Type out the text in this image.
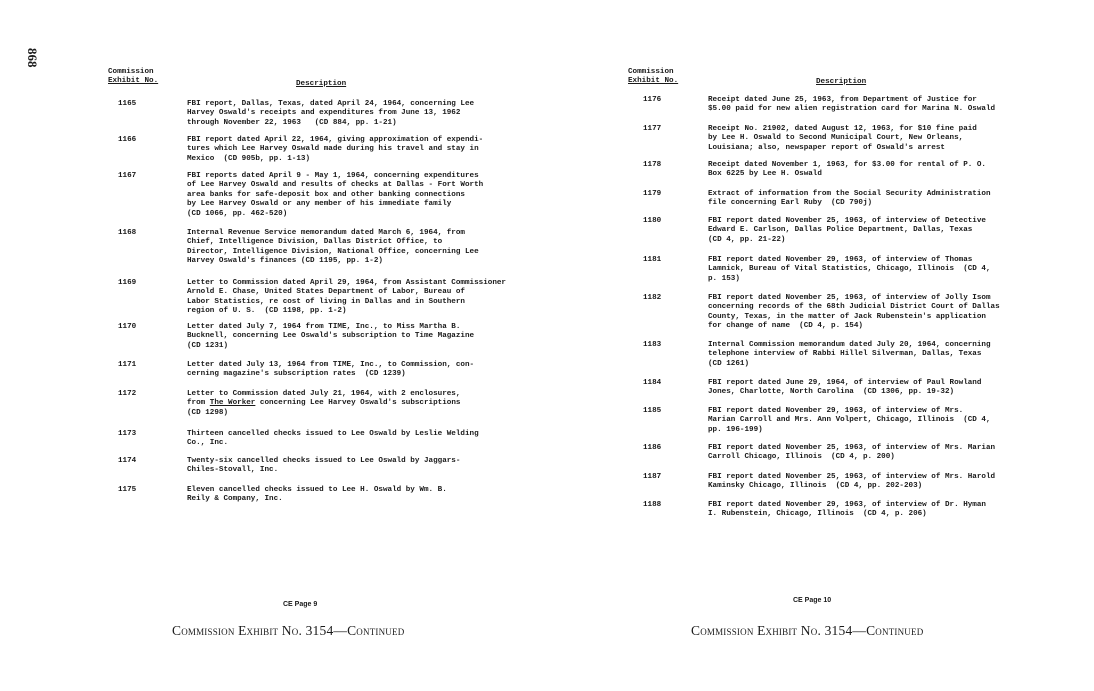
868
Commission
Exhibit No.	Description
CE Page 9
Commission Exhibit No. 3154—Continued
1165	FBI report, Dallas, Texas, dated April 24, 1964, concerning Lee
Harvey Oswald's receipts and expenditures from June 13, 1962
through November 22, 1963   (CD 884, pp. 1-21)
1166	FBI report dated April 22, 1964, giving approximation of expendi-
tures which Lee Harvey Oswald made during his travel and stay in
Mexico  (CD 905b, pp. 1-13)
1167	FBI reports dated April 9 - May 1, 1964, concerning expenditures
of Lee Harvey Oswald and results of checks at Dallas - Fort Worth
area banks for safe-deposit box and other banking connections
by Lee Harvey Oswald or any member of his immediate family
(CD 1066, pp. 462-520)
1168	Internal Revenue Service memorandum dated March 6, 1964, from
Chief, Intelligence Division, Dallas District Office, to
Director, Intelligence Division, National Office, concerning Lee
Harvey Oswald's finances (CD 1195, pp. 1-2)
1169	Letter to Commission dated April 29, 1964, from Assistant Commissioner
Arnold E. Chase, United States Department of Labor, Bureau of
Labor Statistics, re cost of living in Dallas and in Southern
region of U. S.  (CD 1198, pp. 1-2)
1170	Letter dated July 7, 1964 from TIME, Inc., to Miss Martha B.
Bucknell, concerning Lee Oswald's subscription to Time Magazine
(CD 1231)
1171	Letter dated July 13, 1964 from TIME, Inc., to Commission, con-
cerning magazine's subscription rates  (CD 1239)
1172	Letter to Commission dated July 21, 1964, with 2 enclosures,
from The Worker concerning Lee Harvey Oswald's subscriptions
(CD 1298)
1173	Thirteen cancelled checks issued to Lee Oswald by Leslie Welding
Co., Inc.
1174	Twenty-six cancelled checks issued to Lee Oswald by Jaggars-
Chiles-Stovall, Inc.
1175	Eleven cancelled checks issued to Lee H. Oswald by Wm. B.
Reily & Company, Inc.
Commission
Exhibit No.	Description
CE Page 10
Commission Exhibit No. 3154—Continued
1176	Receipt dated June 25, 1963, from Department of Justice for
$5.00 paid for new alien registration card for Marina N. Oswald
1177	Receipt No. 21902, dated August 12, 1963, for $10 fine paid
by Lee H. Oswald to Second Municipal Court, New Orleans,
Louisiana; also, newspaper report of Oswald's arrest
1178	Receipt dated November 1, 1963, for $3.00 for rental of P. O.
Box 6225 by Lee H. Oswald
1179	Extract of information from the Social Security Administration
file concerning Earl Ruby  (CD 790j)
1180	FBI report dated November 25, 1963, of interview of Detective
Edward E. Carlson, Dallas Police Department, Dallas, Texas
(CD 4, pp. 21-22)
1181	FBI report dated November 29, 1963, of interview of Thomas
Lamnick, Bureau of Vital Statistics, Chicago, Illinois  (CD 4,
p. 153)
1182	FBI report dated November 25, 1963, of interview of Jolly Isom
concerning records of the 68th Judicial District Court of Dallas
County, Texas, in the matter of Jack Rubenstein's application
for change of name  (CD 4, p. 154)
1183	Internal Commission memorandum dated July 20, 1964, concerning
telephone interview of Rabbi Hillel Silverman, Dallas, Texas
(CD 1261)
1184	FBI report dated June 29, 1964, of interview of Paul Rowland
Jones, Charlotte, North Carolina  (CD 1306, pp. 19-32)
1185	FBI report dated November 29, 1963, of interview of Mrs.
Marian Carroll and Mrs. Ann Volpert, Chicago, Illinois  (CD 4,
pp. 196-199)
1186	FBI report dated November 25, 1963, of interview of Mrs. Marian
Carroll Chicago, Illinois  (CD 4, p. 200)
1187	FBI report dated November 25, 1963, of interview of Mrs. Harold
Kaminsky Chicago, Illinois  (CD 4, pp. 202-203)
1188	FBI report dated November 29, 1963, of interview of Dr. Hyman
I. Rubenstein, Chicago, Illinois  (CD 4, p. 206)
